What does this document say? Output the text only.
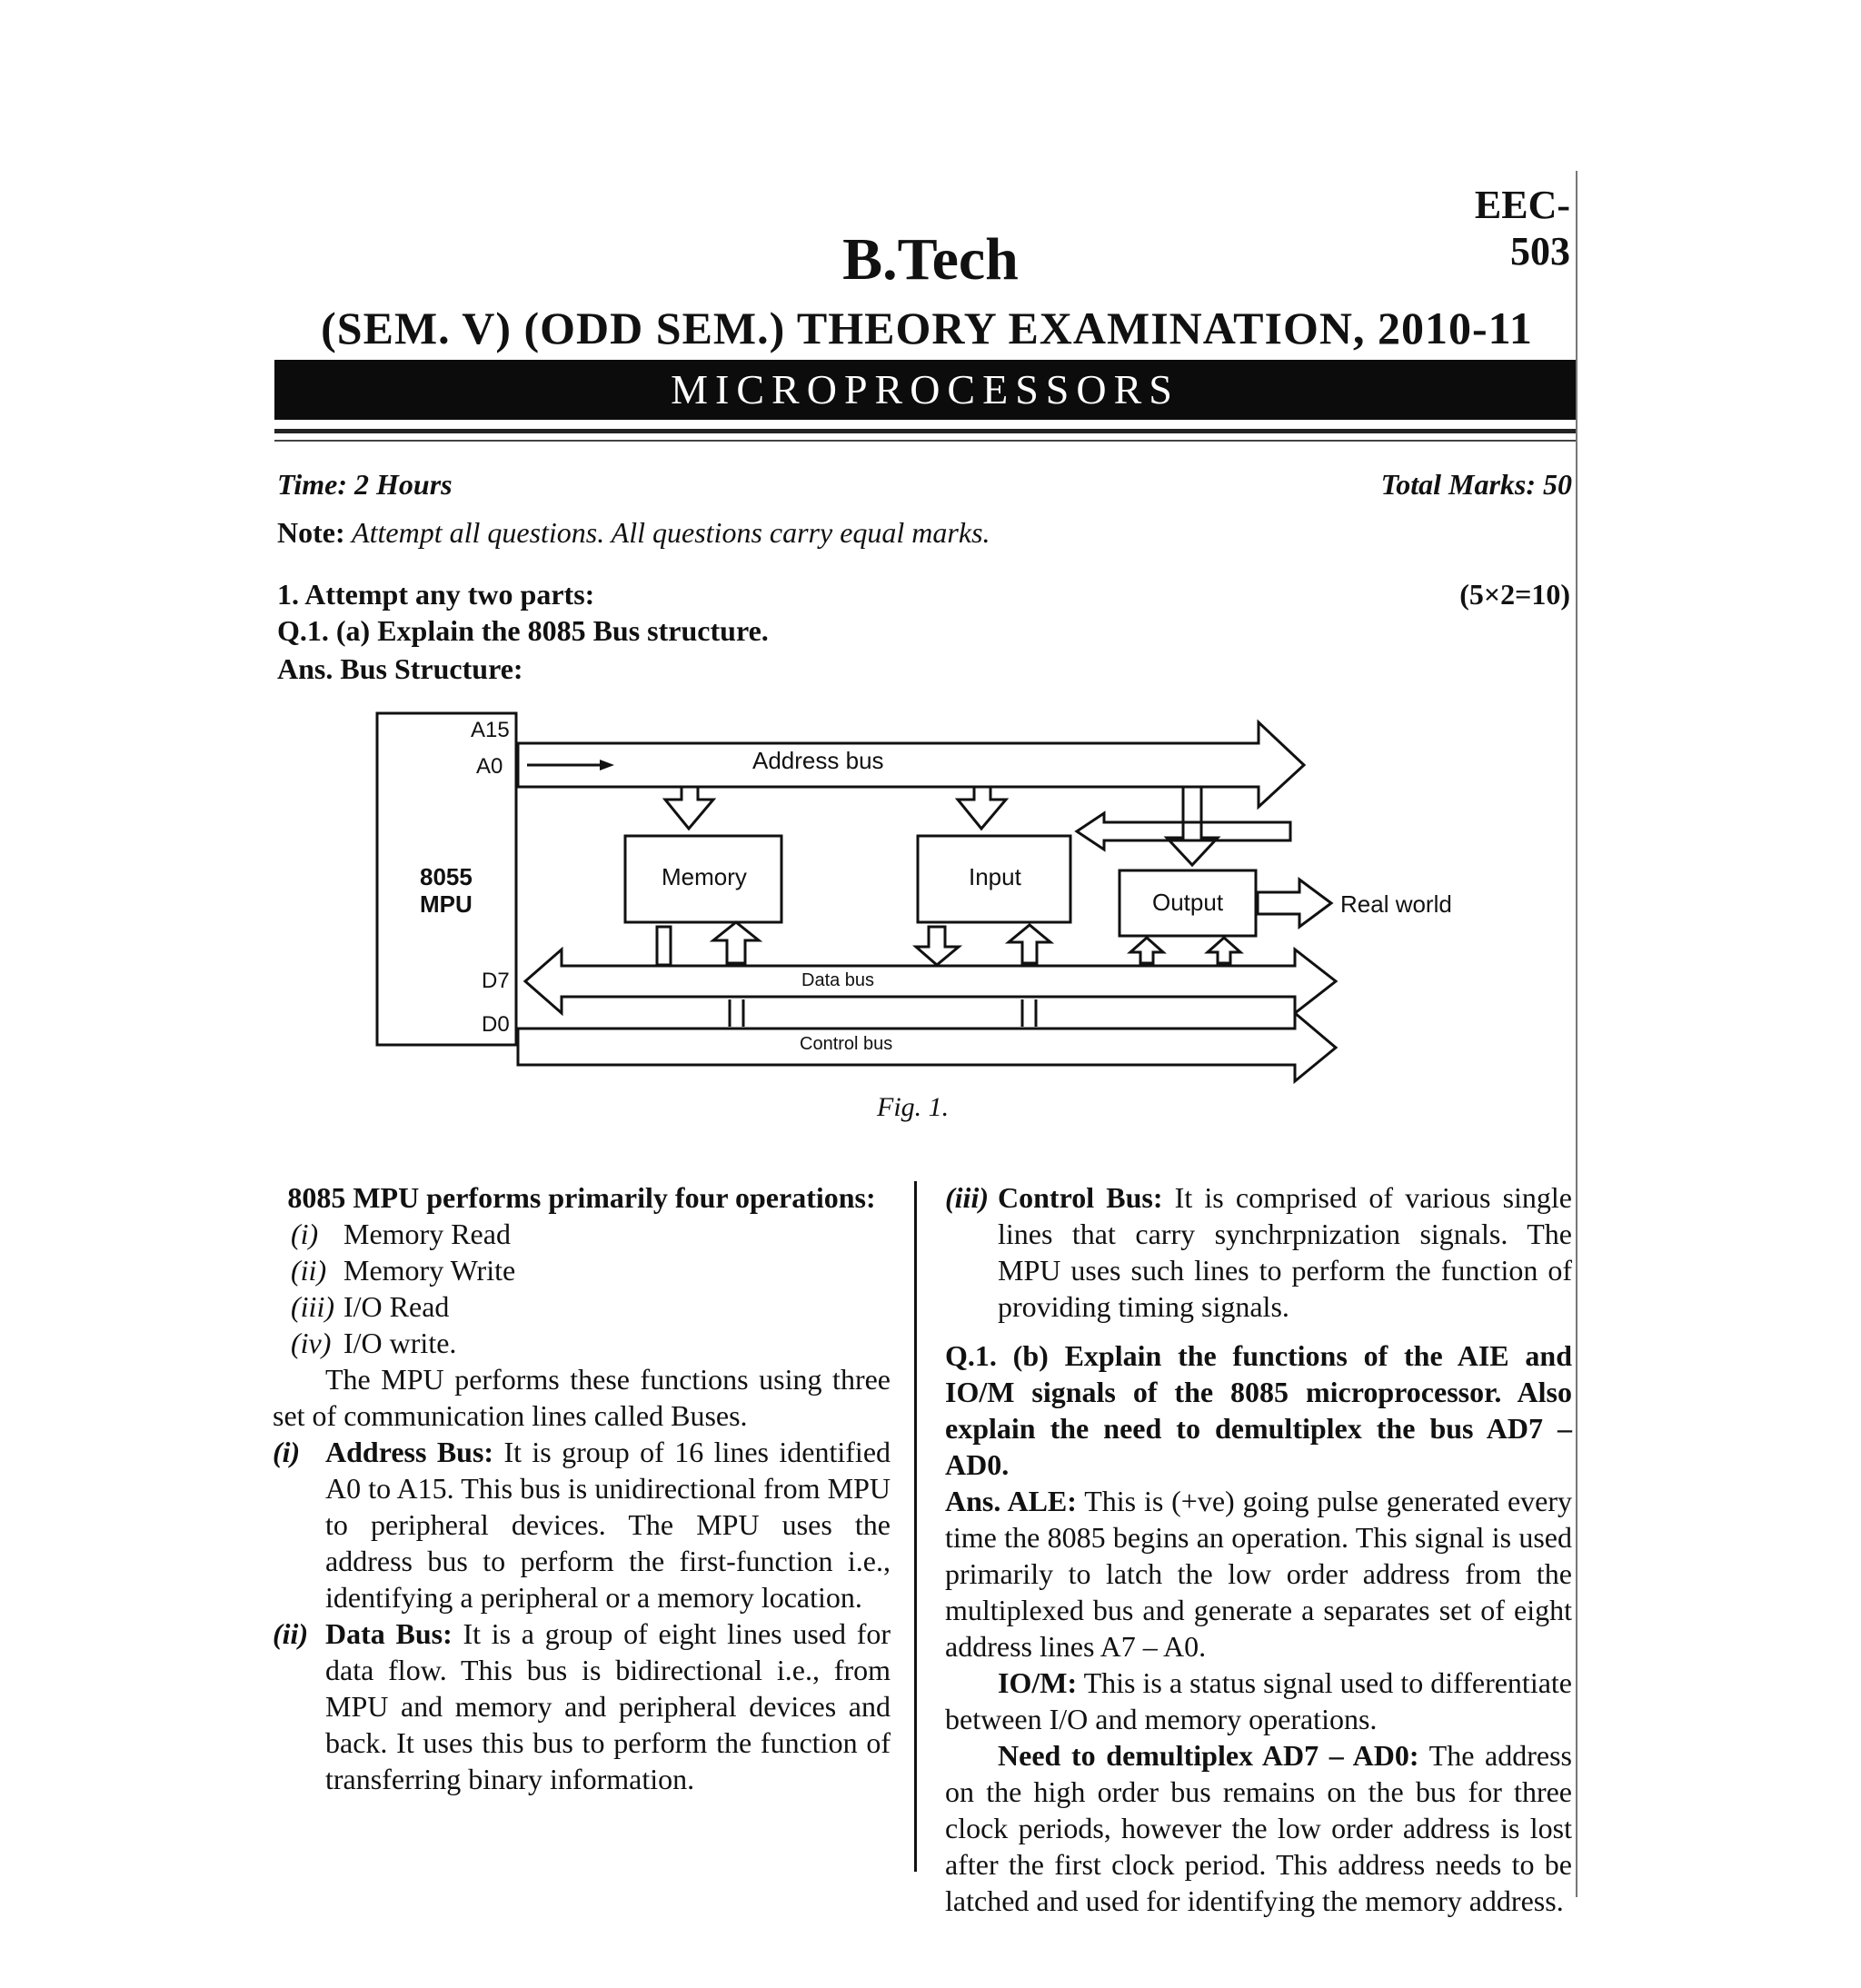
EEC-503
B.Tech
(SEM. V) (ODD SEM.) THEORY EXAMINATION, 2010-11
MICROPROCESSORS
Time: 2 Hours	Total Marks: 50
Note: Attempt all questions. All questions carry equal marks.
1. Attempt any two parts:	(5×2=10)
Q.1. (a) Explain the 8085 Bus structure.
Ans. Bus Structure:
A15
A0
8055
MPU
D7
D0
Address bus
Memory	Input
Output	Real world
Data bus
Control bus
Fig. 1.
8085 MPU performs primarily four operations:
(i) Memory Read
(ii) Memory Write
(iii) I/O Read
(iv) I/O write.
The MPU performs these functions using three set of communication lines called Buses.
(i) Address Bus: It is group of 16 lines identified A0 to A15. This bus is unidirectional from MPU to peripheral devices. The MPU uses the address bus to perform the first-function i.e., identifying a peripheral or a memory location.
(ii) Data Bus: It is a group of eight lines used for data flow. This bus is bidirectional i.e., from MPU and memory and peripheral devices and back. It uses this bus to perform the function of transferring binary information.
(iii) Control Bus: It is comprised of various single lines that carry synchrpnization signals. The MPU uses such lines to perform the function of providing timing signals.
Q.1. (b) Explain the functions of the AIE and IO/M signals of the 8085 microprocessor. Also explain the need to demultiplex the bus AD7 – AD0.
Ans. ALE: This is (+ve) going pulse generated every time the 8085 begins an operation. This signal is used primarily to latch the low order address from the multiplexed bus and generate a separates set of eight address lines A7 – A0.
IO/M: This is a status signal used to differentiate between I/O and memory operations.
Need to demultiplex AD7 – AD0: The address on the high order bus remains on the bus for three clock periods, however the low order address is lost after the first clock period. This address needs to be latched and used for identifying the memory address.
